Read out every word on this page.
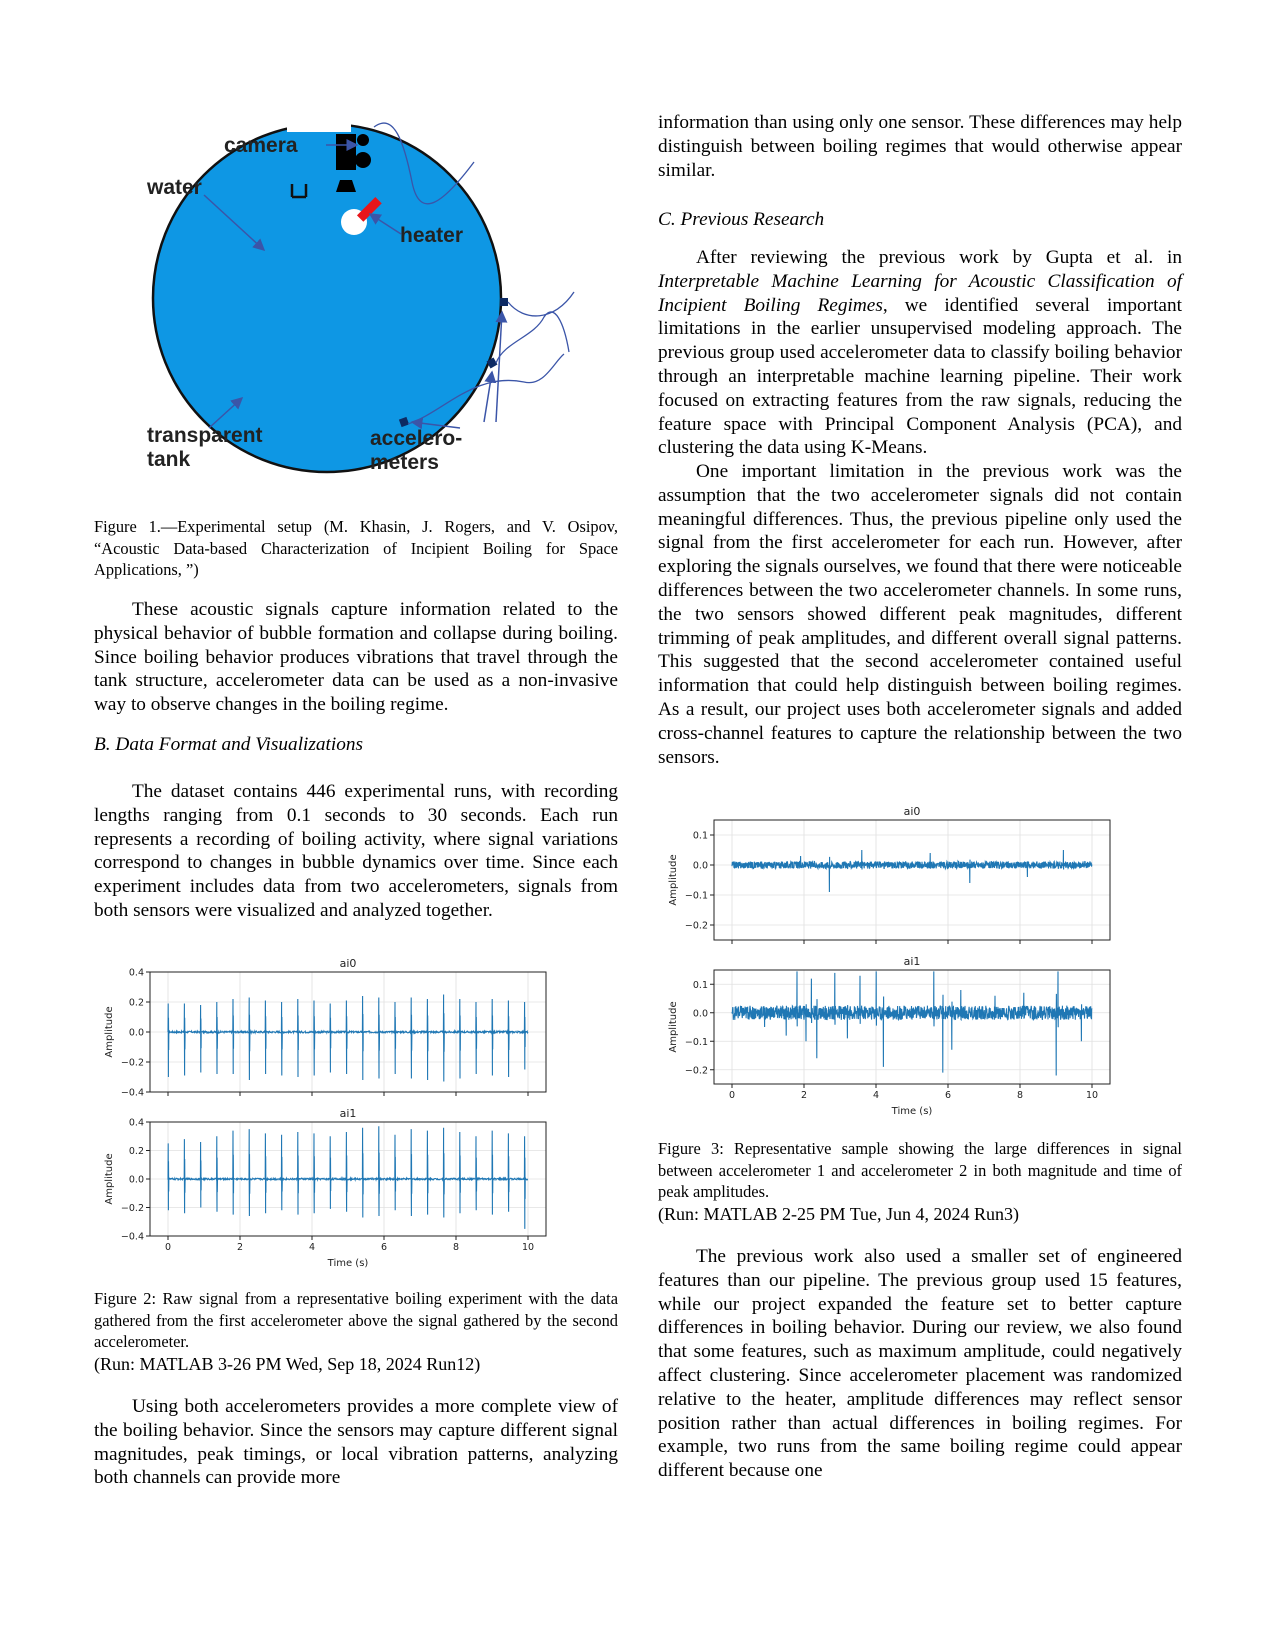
camera
water
heater
transparent
tank
accelero-
meters

Figure 1.—Experimental setup (M. Khasin, J. Rogers, and V. Osipov, “Acoustic Data-based Characterization of Incipient Boiling for Space Applications, ”)

These acoustic signals capture information related to the physical behavior of bubble formation and collapse during boiling. Since boiling behavior produces vibrations that travel through the tank structure, accelerometer data can be used as a non-invasive way to observe changes in the boiling regime.

B. Data Format and Visualizations

The dataset contains 446 experimental runs, with recording lengths ranging from 0.1 seconds to 30 seconds. Each run represents a recording of boiling activity, where signal variations correspond to changes in bubble dynamics over time. Since each experiment includes data from two accelerometers, signals from both sensors were visualized and analyzed together.

ai0
−0.4
−0.2
0.0
0.2
0.4
Amplitude
ai1
−0.4
−0.2
0.0
0.2
0.4
0	2	4	6	8	10
Amplitude
Time (s)
Figure 2: Raw signal from a representative boiling experiment with the data gathered from the first accelerometer above the signal gathered by the second accelerometer.
(Run: MATLAB 3-26 PM Wed, Sep 18, 2024 Run12)

Using both accelerometers provides a more complete view of the boiling behavior. Since the sensors may capture different signal magnitudes, peak timings, or local vibration patterns, analyzing both channels can provide more

information than using only one sensor. These differences may help distinguish between boiling regimes that would otherwise appear similar.

C. Previous Research

After reviewing the previous work by Gupta et al. in Interpretable Machine Learning for Acoustic Classification of Incipient Boiling Regimes, we identified several important limitations in the earlier unsupervised modeling approach. The previous group used accelerometer data to classify boiling behavior through an interpretable machine learning pipeline. Their work focused on extracting features from the raw signals, reducing the feature space with Principal Component Analysis (PCA), and clustering the data using K-Means.

One important limitation in the previous work was the assumption that the two accelerometer signals did not contain meaningful differences. Thus, the previous pipeline only used the signal from the first accelerometer for each run. However, after exploring the signals ourselves, we found that there were noticeable differences between the two accelerometer channels. In some runs, the two sensors showed different peak magnitudes, different trimming of peak amplitudes, and different overall signal patterns. This suggested that the second accelerometer contained useful information that could help distinguish between boiling regimes. As a result, our project uses both accelerometer signals and added cross-channel features to capture the relationship between the two sensors.

ai0
−0.2
−0.1
0.0
0.1
Amplitude
ai1
−0.2
−0.1
0.0
0.1
0	2	4	6	8	10
Amplitude
Time (s)
Figure 3: Representative sample showing the large differences in signal between accelerometer 1 and accelerometer 2 in both magnitude and time of peak amplitudes.
(Run: MATLAB 2-25 PM Tue, Jun 4, 2024 Run3)

The previous work also used a smaller set of engineered features than our pipeline. The previous group used 15 features, while our project expanded the feature set to better capture differences in boiling behavior. During our review, we also found that some features, such as maximum amplitude, could negatively affect clustering. Since accelerometer placement was randomized relative to the heater, amplitude differences may reflect sensor position rather than actual differences in boiling regimes. For example, two runs from the same boiling regime could appear different because one
